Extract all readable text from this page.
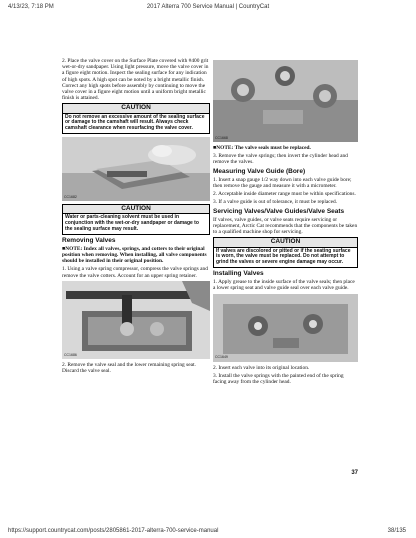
4/13/23, 7:18 PM	2017 Alterra 700 Service Manual | CountryCat

2. Place the valve cover on the Surface Plate covered with #400 grit wet-or-dry sandpaper. Using light pressure, move the valve cover in a figure eight motion. Inspect the sealing surface for any indication of high spots. A high spot can be noted by a bright metallic finish. Correct any high spots before assembly by continuing to move the valve cover in a figure eight motion until a uniform bright metallic finish is attained.

CAUTION
Do not remove an excessive amount of the sealing surface or damage to the camshaft will result. Always check camshaft clearance when resurfacing the valve cover.
CC1682
CAUTION
Water or parts-cleaning solvent must be used in conjunction with the wet-or-dry sandpaper or damage to the sealing surface may result.
Removing Valves

■NOTE: Index all valves, springs, and cotters to their original position when removing. When installing, all valve components should be installed in their original position.

1. Using a valve spring compressor, compress the valve springs and remove the valve cotters. Account for an upper spring retainer.

CC1686

2. Remove the valve seal and the lower remaining spring seat. Discard the valve seal.

CC1668

■NOTE: The valve seals must be replaced.

3. Remove the valve springs; then invert the cylinder head and remove the valves.

Measuring Valve Guide (Bore)

1. Insert a snap gauge 1/2 way down into each valve guide bore; then remove the gauge and measure it with a micrometer.

2. Acceptable inside diameter range must be within specifications.

3. If a valve guide is out of tolerance, it must be replaced.

Servicing Valves/Valve Guides/Valve Seats

If valves, valve guides, or valve seats require servicing or replacement, Arctic Cat recommends that the components be taken to a qualified machine shop for servicing.

CAUTION
If valves are discolored or pitted or if the seating surface is worn, the valve must be replaced. Do not attempt to grind the valves or severe engine damage may occur.
Installing Valves

1. Apply grease to the inside surface of the valve seals; then place a lower spring seat and valve guide seal over each valve guide.

CC1649

2. Insert each valve into its original location.

3. Install the valve springs with the painted end of the spring facing away from the cylinder head.

37
https://support.countrycat.com/posts/2805861-2017-alterra-700-service-manual	38/135
